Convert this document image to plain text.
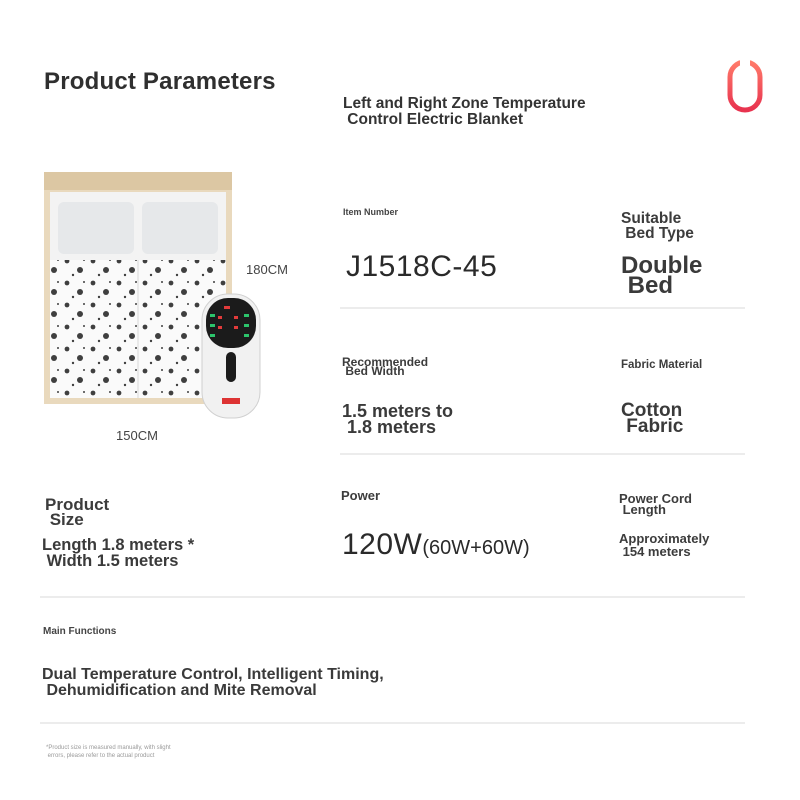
Product Parameters
Left and Right Zone Temperature
Control Electric Blanket
180CM
150CM
Item Number
J1518C-45
Suitable
Bed Type
Double
Bed
Recommended
Bed Width
1.5 meters to
1.8 meters
Fabric Material
Cotton
Fabric
Product
Size
Length 1.8 meters *
Width 1.5 meters
Power
120W(60W+60W)
Power Cord
Length
Approximately
154 meters
Main Functions
Dual Temperature Control, Intelligent Timing,
Dehumidification and Mite Removal
*Product size is measured manually, with slight
errors, please refer to the actual product
